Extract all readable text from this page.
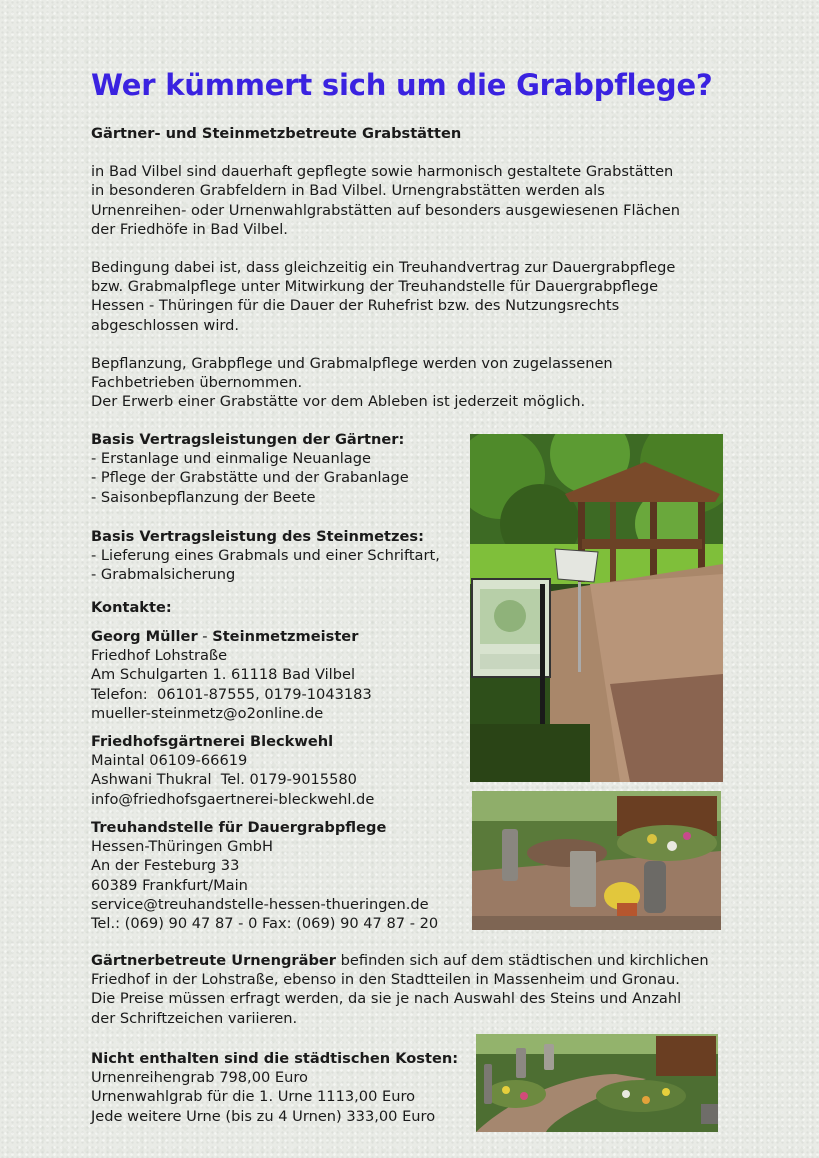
Wer kümmert sich um die Grabpflege?

Gärtner- und Steinmetzbetreute Grabstätten

in Bad Vilbel sind dauerhaft gepflegte sowie harmonisch gestaltete Grabstätten
in besonderen Grabfeldern in Bad Vilbel. Urnengrabstätten werden als
Urnenreihen- oder Urnenwahlgrabstätten auf besonders ausgewiesenen Flächen
der Friedhöfe in Bad Vilbel.

Bedingung dabei ist, dass gleichzeitig ein Treuhandvertrag zur Dauergrabpflege
bzw. Grabmalpflege unter Mitwirkung der Treuhandstelle für Dauergrabpflege
Hessen - Thüringen für die Dauer der Ruhefrist bzw. des Nutzungsrechts
abgeschlossen wird.

Bepflanzung, Grabpflege und Grabmalpflege werden von zugelassenen
Fachbetrieben übernommen.
Der Erwerb einer Grabstätte vor dem Ableben ist jederzeit möglich.

Basis Vertragsleistungen der Gärtner:
- Erstanlage und einmalige Neuanlage
- Pflege der Grabstätte und der Grabanlage
- Saisonbepflanzung der Beete
Basis Vertragsleistung des Steinmetzes:
- Lieferung eines Grabmals und einer Schriftart,
- Grabmalsicherung
Kontakte:
Georg Müller - Steinmetzmeister
Friedhof Lohstraße
Am Schulgarten 1. 61118 Bad Vilbel
Telefon:  06101-87555, 0179-1043183
mueller-steinmetz@o2online.de
Friedhofsgärtnerei Bleckwehl
Maintal 06109-66619
Ashwani Thukral  Tel. 0179-9015580
info@friedhofsgaertnerei-bleckwehl.de
Treuhandstelle für Dauergrabpflege
Hessen-Thüringen GmbH
An der Festeburg 33
60389 Frankfurt/Main
service@treuhandstelle-hessen-thueringen.de
Tel.: (069) 90 47 87 - 0 Fax: (069) 90 47 87 - 20
Gärtnerbetreute Urnengräber befinden sich auf dem städtischen und kirchlichen
Friedhof in der Lohstraße, ebenso in den Stadtteilen in Massenheim und Gronau.
Die Preise müssen erfragt werden, da sie je nach Auswahl des Steins und Anzahl
der Schriftzeichen variieren.
Nicht enthalten sind die städtischen Kosten:
Urnenreihengrab 798,00 Euro
Urnenwahlgrab für die 1. Urne 1113,00 Euro
Jede weitere Urne (bis zu 4 Urnen) 333,00 Euro
